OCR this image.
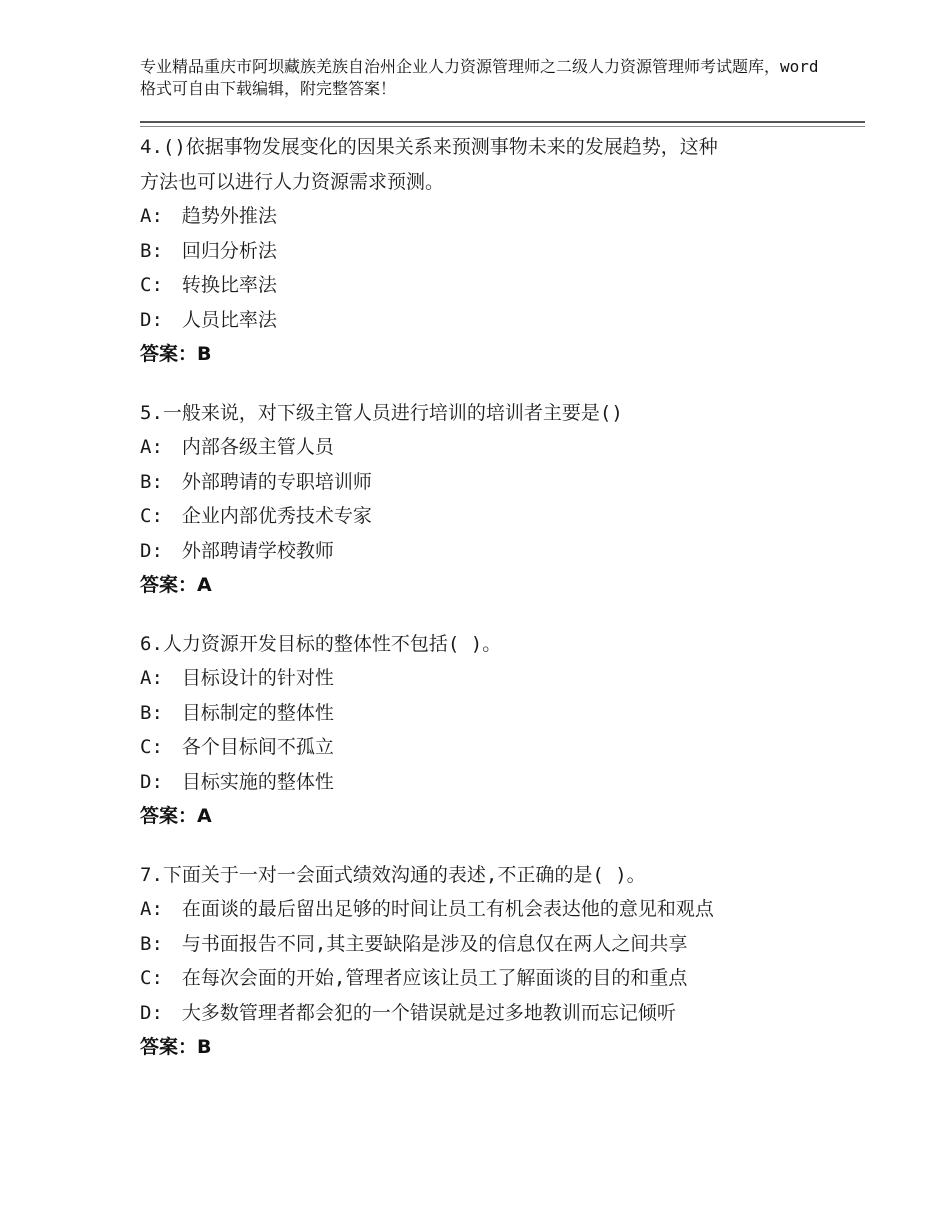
专业精品重庆市阿坝藏族羌族自治州企业人力资源管理师之二级人力资源管理师考试题库，word格式可自由下载编辑，附完整答案！
4.()依据事物发展变化的因果关系来预测事物未来的发展趋势，这种
方法也可以进行人力资源需求预测。
A:　趋势外推法
B:　回归分析法
C:　转换比率法
D:　人员比率法
答案：B
5.一般来说，对下级主管人员进行培训的培训者主要是()
A:　内部各级主管人员
B:　外部聘请的专职培训师
C:　企业内部优秀技术专家
D:　外部聘请学校教师
答案：A
6.人力资源开发目标的整体性不包括( )。
A:　目标设计的针对性
B:　目标制定的整体性
C:　各个目标间不孤立
D:　目标实施的整体性
答案：A
7.下面关于一对一会面式绩效沟通的表述,不正确的是( )。
A:　在面谈的最后留出足够的时间让员工有机会表达他的意见和观点
B:　与书面报告不同,其主要缺陷是涉及的信息仅在两人之间共享
C:　在每次会面的开始,管理者应该让员工了解面谈的目的和重点
D:　大多数管理者都会犯的一个错误就是过多地教训而忘记倾听
答案：B
